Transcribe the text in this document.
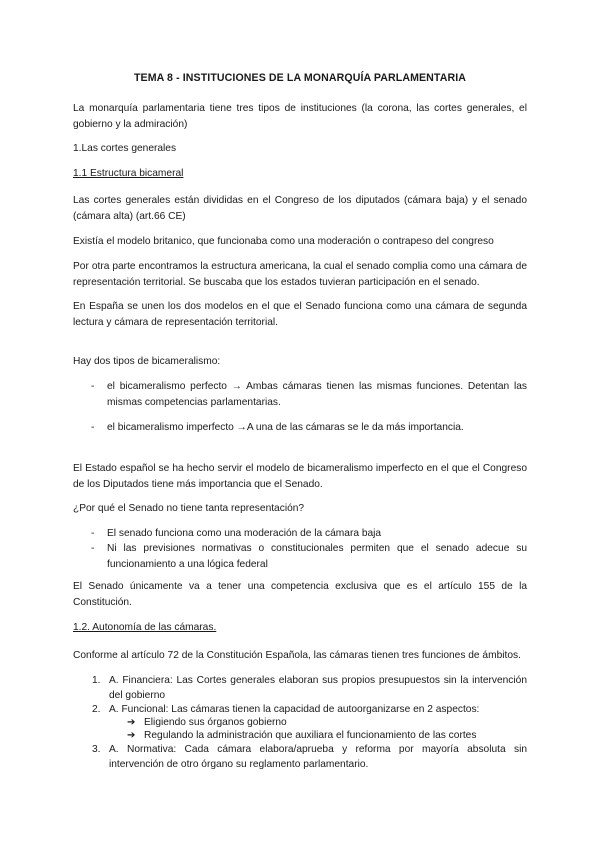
TEMA 8 - INSTITUCIONES DE LA MONARQUÍA PARLAMENTARIA

La monarquía parlamentaria tiene tres tipos de instituciones (la corona, las cortes generales, el gobierno y la admiración)

1.Las cortes generales
1.1 Estructura bicameral

Las cortes generales están divididas en el Congreso de los diputados (cámara baja) y el senado (cámara alta) (art.66 CE)

Existía el modelo britanico, que funcionaba como una moderación o contrapeso del congreso

Por otra parte encontramos la estructura americana, la cual el senado complia como una cámara de representación territorial. Se buscaba que los estados tuvieran participación en el senado.

En España se unen los dos modelos en el que el Senado funciona como una cámara de segunda lectura y cámara de representación territorial.

Hay dos tipos de bicameralismo:

- el bicameralismo perfecto → Ambas cámaras tienen las mismas funciones. Detentan las mismas competencias parlamentarias.
- el bicameralismo imperfecto →A una de las cámaras se le da más importancia.

El Estado español se ha hecho servir el modelo de bicameralismo imperfecto en el que el Congreso de los Diputados tiene más importancia que el Senado.

¿Por qué el Senado no tiene tanta representación?

- El senado funciona como una moderación de la cámara baja
- Ni las previsiones normativas o constitucionales permiten que el senado adecue su funcionamiento a una lógica federal

El Senado únicamente va a tener una competencia exclusiva que es el artículo 155 de la Constitución.

1.2. Autonomía de las cámaras.

Conforme al artículo 72 de la Constitución Española, las cámaras tienen tres funciones de ámbitos.

1. A. Financiera: Las Cortes generales elaboran sus propios presupuestos sin la intervención del gobierno
2. A. Funcional: Las cámaras tienen la capacidad de autoorganizarse en 2 aspectos:
➔ Eligiendo sus órganos gobierno
➔ Regulando la administración que auxiliara el funcionamiento de las cortes
3. A. Normativa: Cada cámara elabora/aprueba y reforma por mayoría absoluta sin intervención de otro órgano su reglamento parlamentario.
